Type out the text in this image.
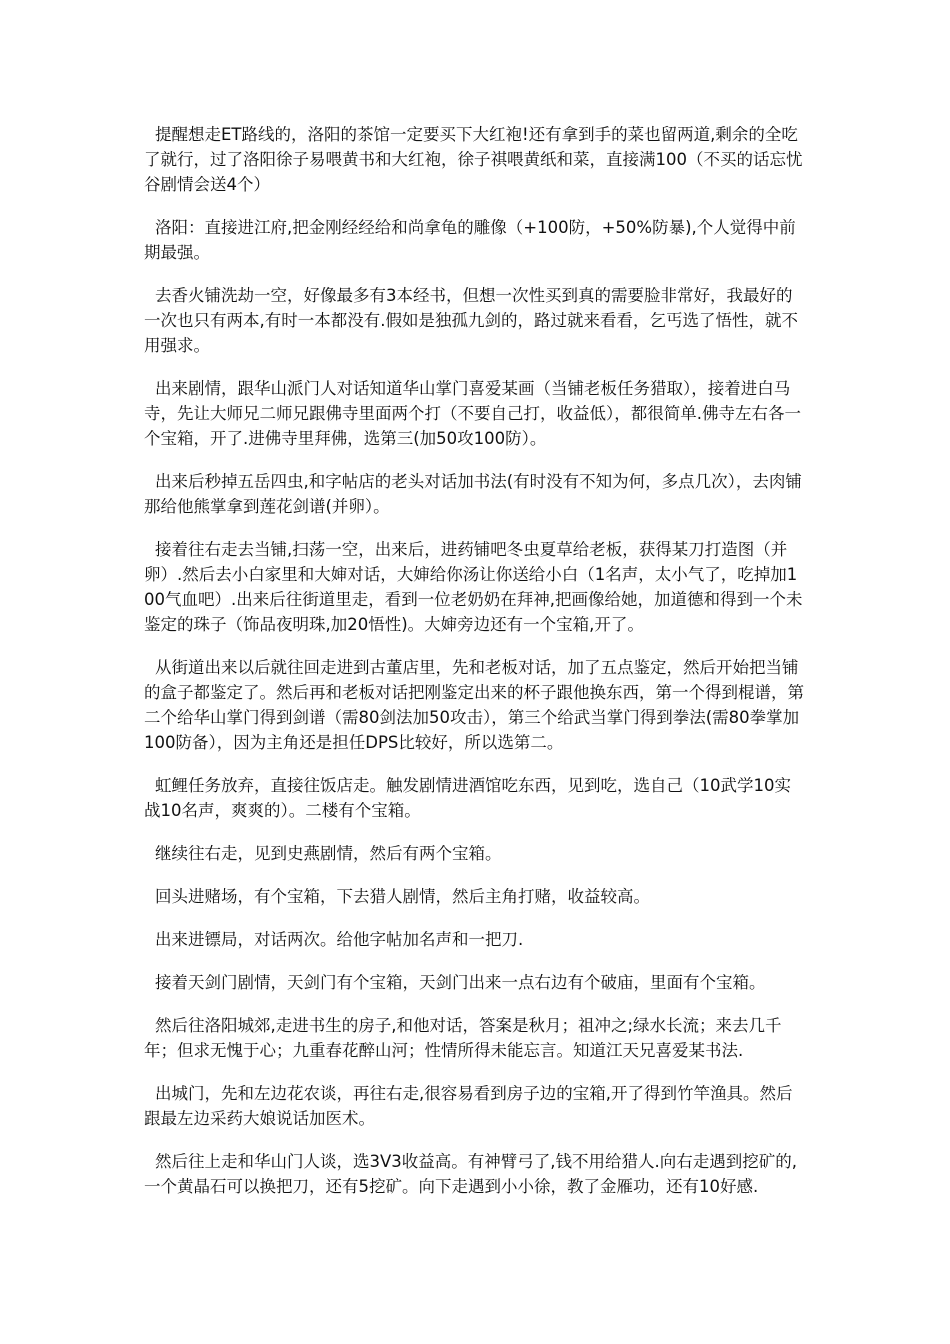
提醒想走ET路线的，洛阳的茶馆一定要买下大红袍!还有拿到手的菜也留两道,剩余的全吃了就行，过了洛阳徐子易喂黄书和大红袍，徐子祺喂黄纸和菜，直接满100（不买的话忘忧谷剧情会送4个）

洛阳：直接进江府,把金刚经经给和尚拿龟的雕像（+100防，+50%防暴),个人觉得中前期最强。

去香火铺洗劫一空，好像最多有3本经书，但想一次性买到真的需要脸非常好，我最好的一次也只有两本,有时一本都没有.假如是独孤九剑的，路过就来看看，乞丐选了悟性，就不用强求。

出来剧情，跟华山派门人对话知道华山掌门喜爱某画（当铺老板任务猎取），接着进白马寺，先让大师兄二师兄跟佛寺里面两个打（不要自己打，收益低），都很简单.佛寺左右各一个宝箱，开了.进佛寺里拜佛，选第三(加50攻100防）。

出来后秒掉五岳四虫,和字帖店的老头对话加书法(有时没有不知为何，多点几次），去肉铺那给他熊掌拿到莲花剑谱(并卵）。

接着往右走去当铺,扫荡一空，出来后，进药铺吧冬虫夏草给老板，获得某刀打造图（并卵）.然后去小白家里和大婶对话，大婶给你汤让你送给小白（1名声，太小气了，吃掉加100气血吧）.出来后往街道里走，看到一位老奶奶在拜神,把画像给她，加道德和得到一个未鉴定的珠子（饰品夜明珠,加20悟性)。大婶旁边还有一个宝箱,开了。

从街道出来以后就往回走进到古董店里，先和老板对话，加了五点鉴定，然后开始把当铺的盒子都鉴定了。然后再和老板对话把刚鉴定出来的杯子跟他换东西，第一个得到棍谱，第二个给华山掌门得到剑谱（需80剑法加50攻击），第三个给武当掌门得到拳法(需80拳掌加100防备），因为主角还是担任DPS比较好，所以选第二。

虹鲤任务放弃，直接往饭店走。触发剧情进酒馆吃东西，见到吃，选自己（10武学10实战10名声，爽爽的）。二楼有个宝箱。

继续往右走，见到史燕剧情，然后有两个宝箱。

回头进赌场，有个宝箱，下去猎人剧情，然后主角打赌，收益较高。

出来进镖局，对话两次。给他字帖加名声和一把刀.

接着天剑门剧情，天剑门有个宝箱，天剑门出来一点右边有个破庙，里面有个宝箱。

然后往洛阳城郊,走进书生的房子,和他对话，答案是秋月；祖冲之;绿水长流；来去几千年；但求无愧于心；九重春花醉山河；性情所得未能忘言。知道江天兄喜爱某书法.

出城门，先和左边花农谈，再往右走,很容易看到房子边的宝箱,开了得到竹竿渔具。然后跟最左边采药大娘说话加医术。

然后往上走和华山门人谈，选3V3收益高。有神臂弓了,钱不用给猎人.向右走遇到挖矿的,一个黄晶石可以换把刀，还有5挖矿。向下走遇到小小徐，教了金雁功，还有10好感.
